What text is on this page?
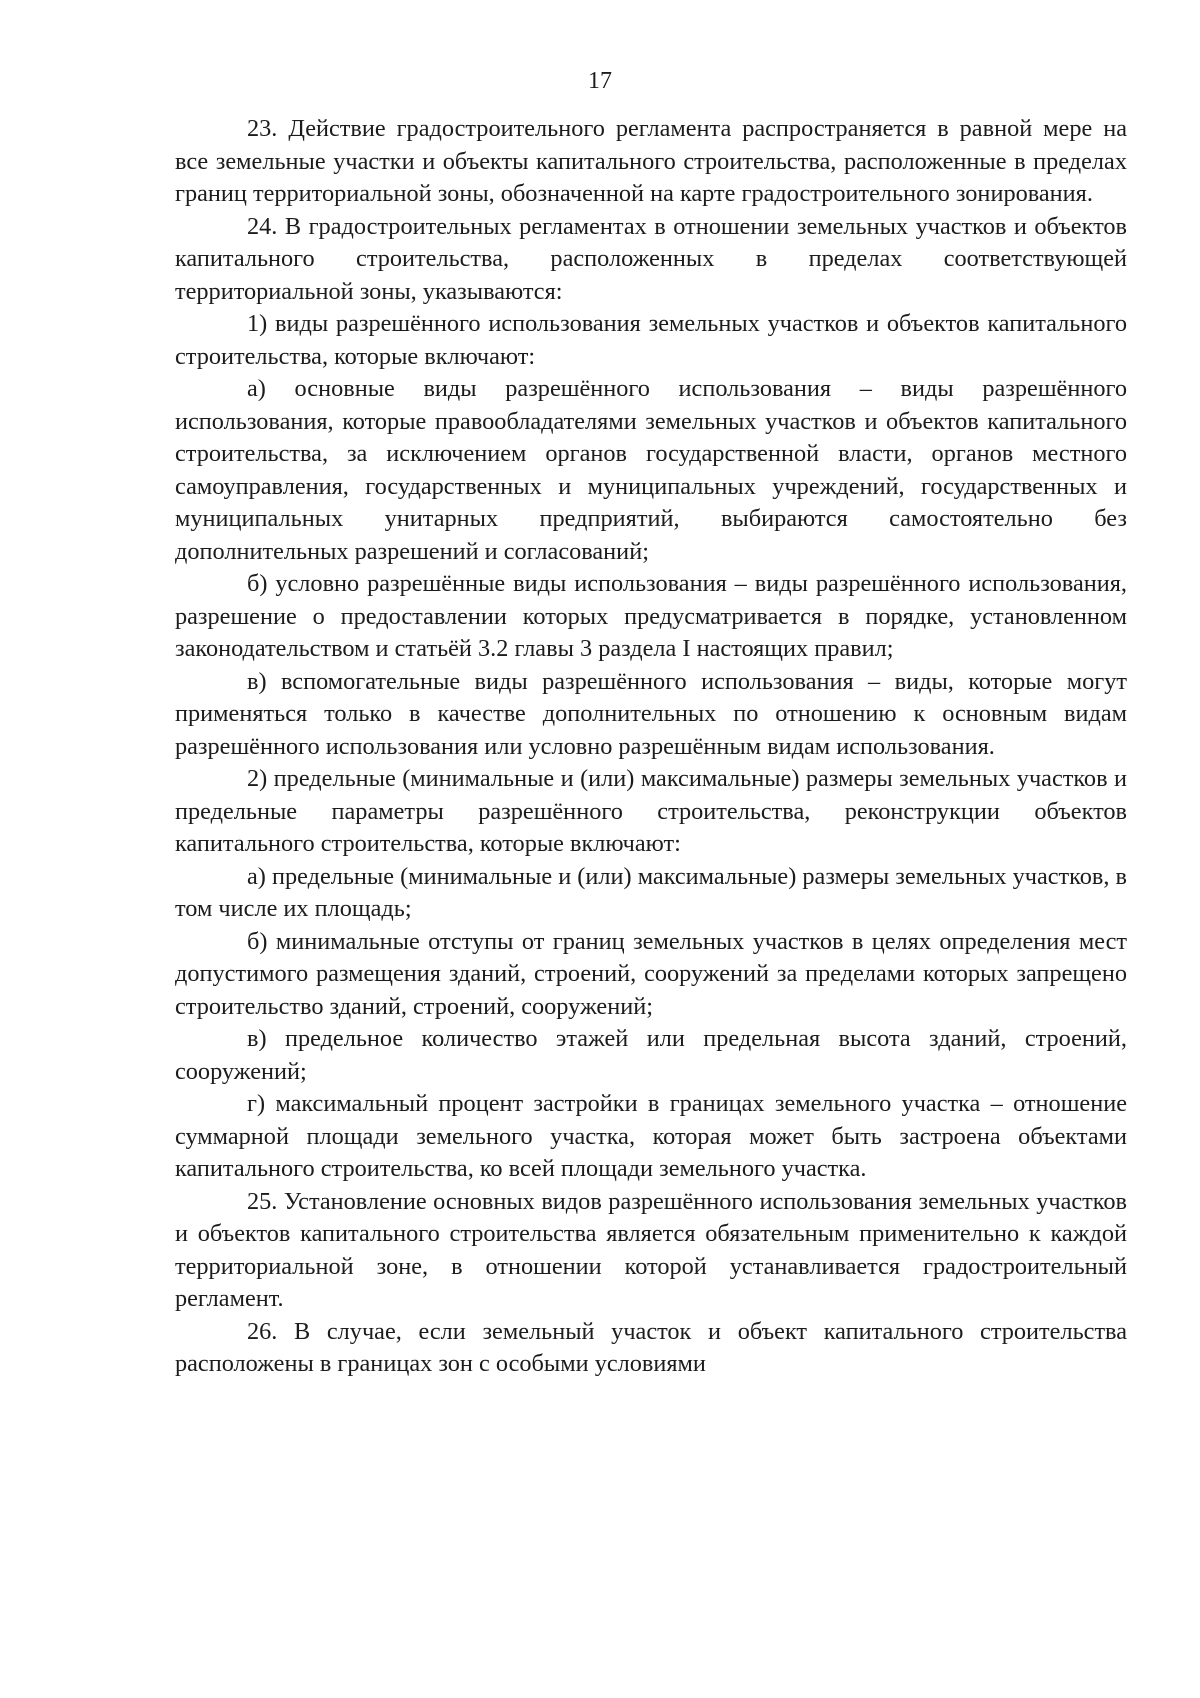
17

23. Действие градостроительного регламента распространяется в равной мере на все земельные участки и объекты капитального строительства, расположенные в пределах границ территориальной зоны, обозначенной на карте градостроительного зонирования.

24. В градостроительных регламентах в отношении земельных участков и объектов капитального строительства, расположенных в пределах соответствующей территориальной зоны, указываются:

1) виды разрешённого использования земельных участков и объектов капитального строительства, которые включают:

а) основные виды разрешённого использования – виды разрешённого использования, которые правообладателями земельных участков и объектов капитального строительства, за исключением органов государственной власти, органов местного самоуправления, государственных и муниципальных учреждений, государственных и муниципальных унитарных предприятий, выбираются самостоятельно без дополнительных разрешений и согласований;

б) условно разрешённые виды использования – виды разрешённого использования, разрешение о предоставлении которых предусматривается в порядке, установленном законодательством и статьёй 3.2 главы 3 раздела I настоящих правил;

в) вспомогательные виды разрешённого использования – виды, которые могут применяться только в качестве дополнительных по отношению к основным видам разрешённого использования или условно разрешённым видам использования.

2) предельные (минимальные и (или) максимальные) размеры земельных участков и предельные параметры разрешённого строительства, реконструкции объектов капитального строительства, которые включают:

а) предельные (минимальные и (или) максимальные) размеры земельных участков, в том числе их площадь;

б) минимальные отступы от границ земельных участков в целях определения мест допустимого размещения зданий, строений, сооружений за пределами которых запрещено строительство зданий, строений, сооружений;

в) предельное количество этажей или предельная высота зданий, строений, сооружений;

г) максимальный процент застройки в границах земельного участка – отношение суммарной площади земельного участка, которая может быть застроена объектами капитального строительства, ко всей площади земельного участка.

25. Установление основных видов разрешённого использования земельных участков и объектов капитального строительства является обязательным применительно к каждой территориальной зоне, в отношении которой устанавливается градостроительный регламент.

26. В случае, если земельный участок и объект капитального строительства расположены в границах зон с особыми условиями
